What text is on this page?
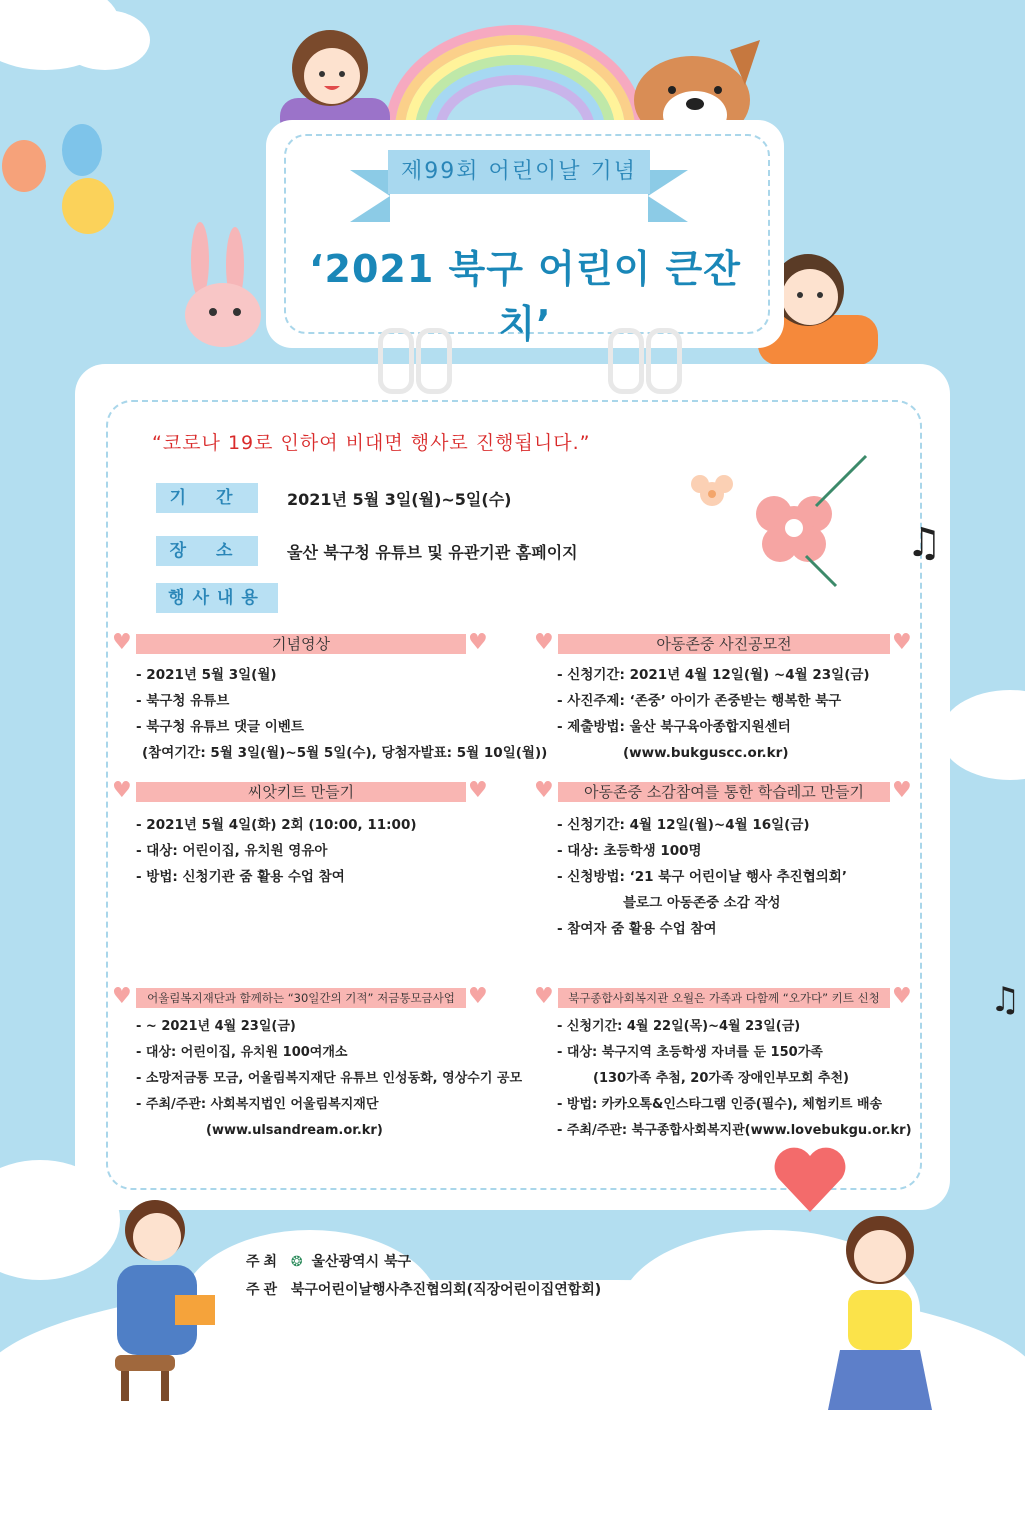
제99회 어린이날 기념
‘2021 북구 어린이 큰잔치’
“코로나 19로 인하여 비대면 행사로 진행됩니다.”
기 간	2021년 5월 3일(월)~5일(수)
장 소	울산 북구청 유튜브 및 유관기관 홈페이지
행사내용
♫
♫
♥	기념영상	♥
- 2021년 5월 3일(월)
- 북구청 유튜브
- 북구청 유튜브 댓글 이벤트
(참여기간: 5월 3일(월)~5월 5일(수), 당첨자발표: 5월 10일(월))
♥	아동존중 사진공모전	♥
- 신청기간: 2021년 4월 12일(월) ~4월 23일(금)
- 사진주제: ‘존중’ 아이가 존중받는 행복한 북구
- 제출방법: 울산 북구육아종합지원센터
(www.bukguscc.or.kr)
♥	씨앗키트 만들기	♥
- 2021년 5월 4일(화) 2회 (10:00, 11:00)
- 대상: 어린이집, 유치원 영유아
- 방법: 신청기관 줌 활용 수업 참여
♥	아동존중 소감참여를 통한 학습레고 만들기	♥
- 신청기간: 4월 12일(월)~4월 16일(금)
- 대상: 초등학생 100명
- 신청방법: ‘21 북구 어린이날 행사 추진협의회’
블로그 아동존중 소감 작성
- 참여자 줌 활용 수업 참여
♥	어울림복지재단과 함께하는 “30일간의 기적” 저금통모금사업 ♥
- ~ 2021년 4월 23일(금)
- 대상: 어린이집, 유치원 100여개소
- 소망저금통 모금, 어울림복지재단 유튜브 인성동화, 영상수기 공모
- 주최/주관: 사회복지법인 어울림복지재단
(www.ulsandream.or.kr)
♥	북구종합사회복지관 오월은 가족과 다함께 “오가다” 키트 신청 ♥
- 신청기간: 4월 22일(목)~4월 23일(금)
- 대상: 북구지역 초등학생 자녀를 둔 150가족
(130가족 추첨, 20가족 장애인부모회 추천)
- 방법: 카카오톡&인스타그램 인증(필수), 체험키트 배송
- 주최/주관: 북구종합사회복지관(www.lovebukgu.or.kr)
주최 ❂ 울산광역시 북구
주관 북구어린이날행사추진협의회(직장어린이집연합회)
